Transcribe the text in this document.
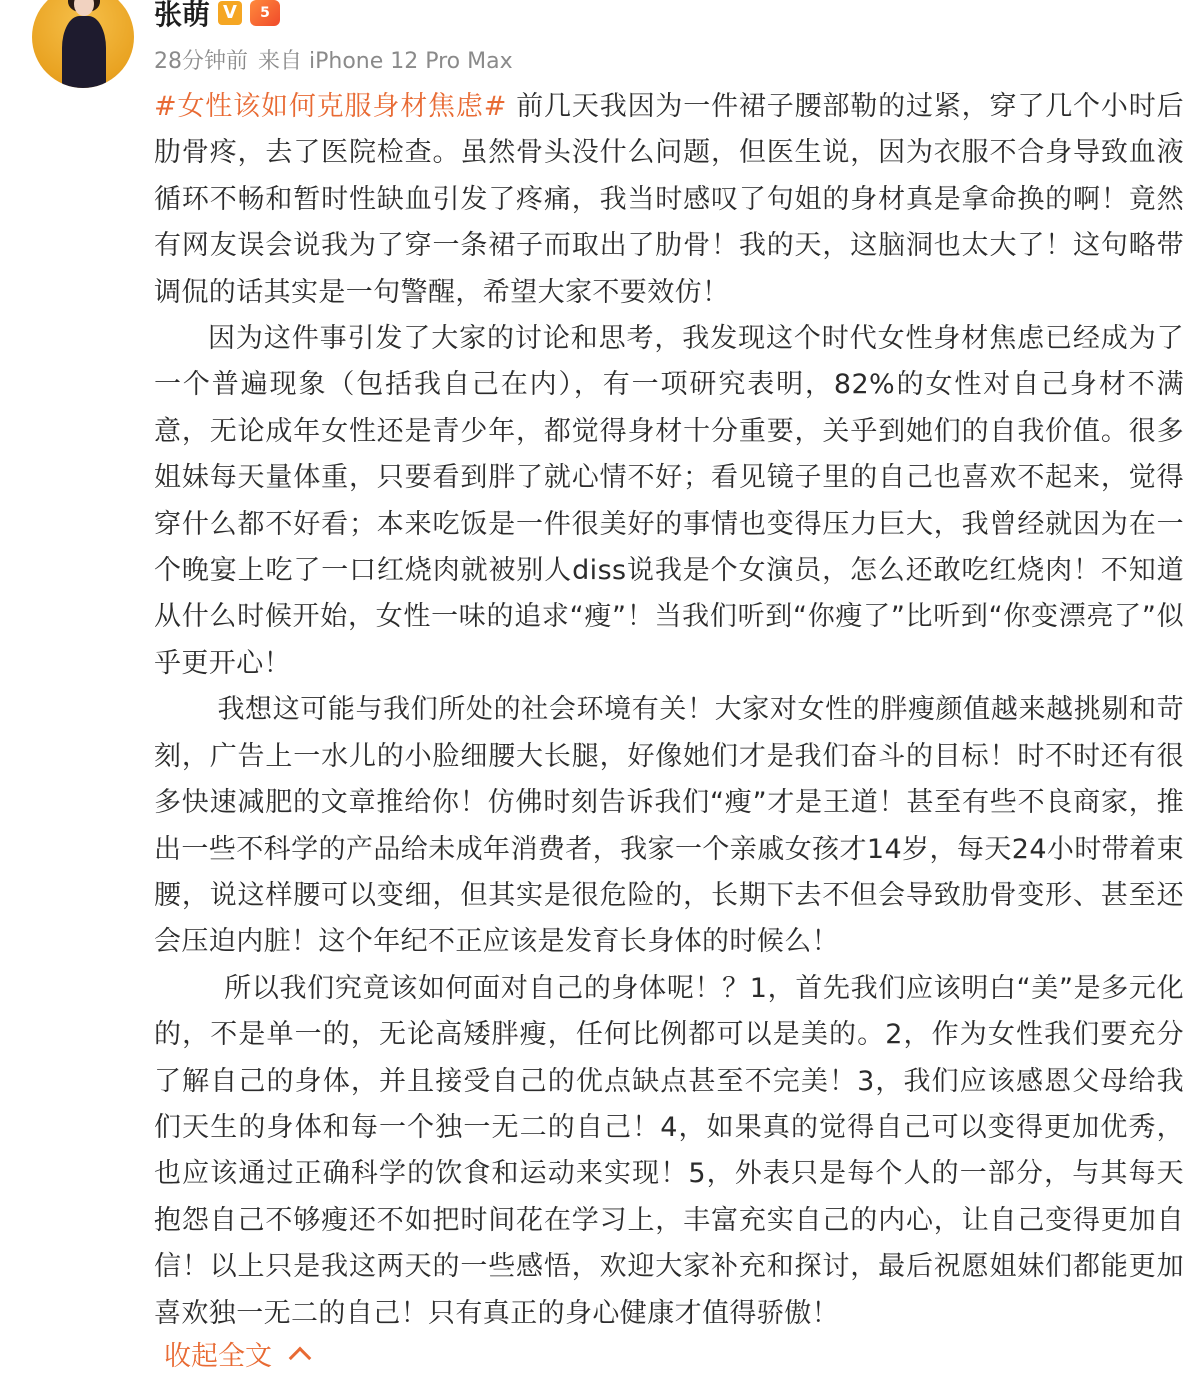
张萌 V	5
28分钟前 来自 iPhone 12 Pro Max

#女性该如何克服身材焦虑# 前几天我因为一件裙子腰部勒的过紧，穿了几个小时后肋骨疼，去了医院检查。虽然骨头没什么问题，但医生说，因为衣服不合身导致血液循环不畅和暂时性缺血引发了疼痛，我当时感叹了句姐的身材真是拿命换的啊！竟然有网友误会说我为了穿一条裙子而取出了肋骨！我的天，这脑洞也太大了！这句略带调侃的话其实是一句警醒，希望大家不要效仿！

因为这件事引发了大家的讨论和思考，我发现这个时代女性身材焦虑已经成为了一个普遍现象（包括我自己在内），有一项研究表明，82%的女性对自己身材不满意，无论成年女性还是青少年，都觉得身材十分重要，关乎到她们的自我价值。很多姐妹每天量体重，只要看到胖了就心情不好；看见镜子里的自己也喜欢不起来，觉得穿什么都不好看；本来吃饭是一件很美好的事情也变得压力巨大，我曾经就因为在一个晚宴上吃了一口红烧肉就被别人diss说我是个女演员，怎么还敢吃红烧肉！不知道从什么时候开始，女性一味的追求“瘦”！当我们听到“你瘦了”比听到“你变漂亮了”似乎更开心！

我想这可能与我们所处的社会环境有关！大家对女性的胖瘦颜值越来越挑剔和苛刻，广告上一水儿的小脸细腰大长腿，好像她们才是我们奋斗的目标！时不时还有很多快速减肥的文章推给你！仿佛时刻告诉我们“瘦”才是王道！甚至有些不良商家，推出一些不科学的产品给未成年消费者，我家一个亲戚女孩才14岁，每天24小时带着束腰，说这样腰可以变细，但其实是很危险的，长期下去不但会导致肋骨变形、甚至还会压迫内脏！这个年纪不正应该是发育长身体的时候么！

所以我们究竟该如何面对自己的身体呢！？1，首先我们应该明白“美”是多元化的，不是单一的，无论高矮胖瘦，任何比例都可以是美的。2，作为女性我们要充分了解自己的身体，并且接受自己的优点缺点甚至不完美！3，我们应该感恩父母给我们天生的身体和每一个独一无二的自己！4，如果真的觉得自己可以变得更加优秀，也应该通过正确科学的饮食和运动来实现！5，外表只是每个人的一部分，与其每天抱怨自己不够瘦还不如把时间花在学习上，丰富充实自己的内心，让自己变得更加自信！以上只是我这两天的一些感悟，欢迎大家补充和探讨，最后祝愿姐妹们都能更加喜欢独一无二的自己！只有真正的身心健康才值得骄傲！

收起全文
